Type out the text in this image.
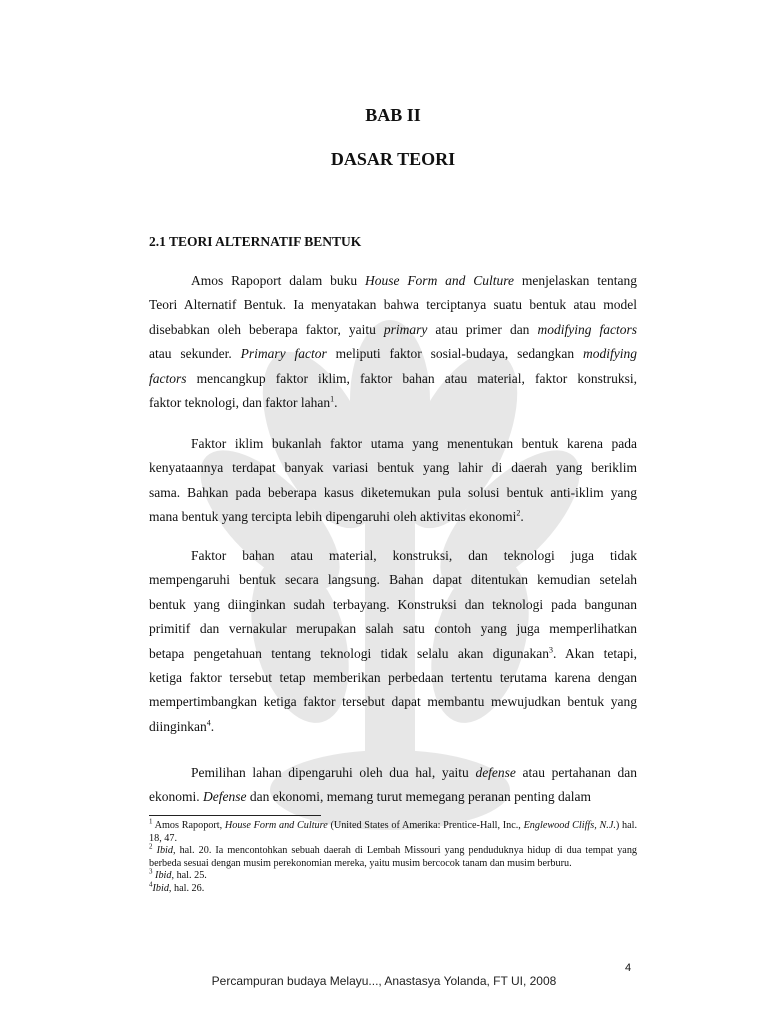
BAB II
DASAR TEORI
2.1 TEORI ALTERNATIF BENTUK
Amos Rapoport dalam buku House Form and Culture menjelaskan tentang
Teori Alternatif Bentuk. Ia menyatakan bahwa terciptanya suatu bentuk atau model
disebabkan oleh beberapa faktor, yaitu primary atau primer dan modifying factors
atau sekunder. Primary factor meliputi faktor sosial-budaya, sedangkan modifying
factors mencangkup faktor iklim, faktor bahan atau material, faktor konstruksi,
faktor teknologi, dan faktor lahan$^1$.
Faktor iklim bukanlah faktor utama yang menentukan bentuk karena pada
kenyataannya terdapat banyak variasi bentuk yang lahir di daerah yang beriklim
sama. Bahkan pada beberapa kasus diketemukan pula solusi bentuk anti-iklim yang
mana bentuk yang tercipta lebih dipengaruhi oleh aktivitas ekonomi$^2$.
Faktor bahan atau material, konstruksi, dan teknologi juga tidak
mempengaruhi bentuk secara langsung. Bahan dapat ditentukan kemudian setelah
bentuk yang diinginkan sudah terbayang. Konstruksi dan teknologi pada bangunan
primitif dan vernakular merupakan salah satu contoh yang juga memperlihatkan
betapa pengetahuan tentang teknologi tidak selalu akan digunakan$^3$. Akan tetapi,
ketiga faktor tersebut tetap memberikan perbedaan tertentu terutama karena dengan
mempertimbangkan ketiga faktor tersebut dapat membantu mewujudkan bentuk yang
diinginkan$^4$.
Pemilihan lahan dipengaruhi oleh dua hal, yaitu defense atau pertahanan dan
ekonomi. Defense dan ekonomi, memang turut memegang peranan penting dalam
$^1$ Amos Rapoport, House Form and Culture (United States of Amerika: Prentice-Hall, Inc., Englewood Cliffs, N.J.) hal. 18, 47.
$^2$ Ibid, hal. 20. Ia mencontohkan sebuah daerah di Lembah Missouri yang penduduknya hidup di dua tempat yang berbeda sesuai dengan musim perekonomian mereka, yaitu musim bercocok tanam dan musim berburu.
$^3$ Ibid, hal. 25.
$^4$Ibid, hal. 26.
4
Percampuran budaya Melayu..., Anastasya Yolanda, FT UI, 2008
